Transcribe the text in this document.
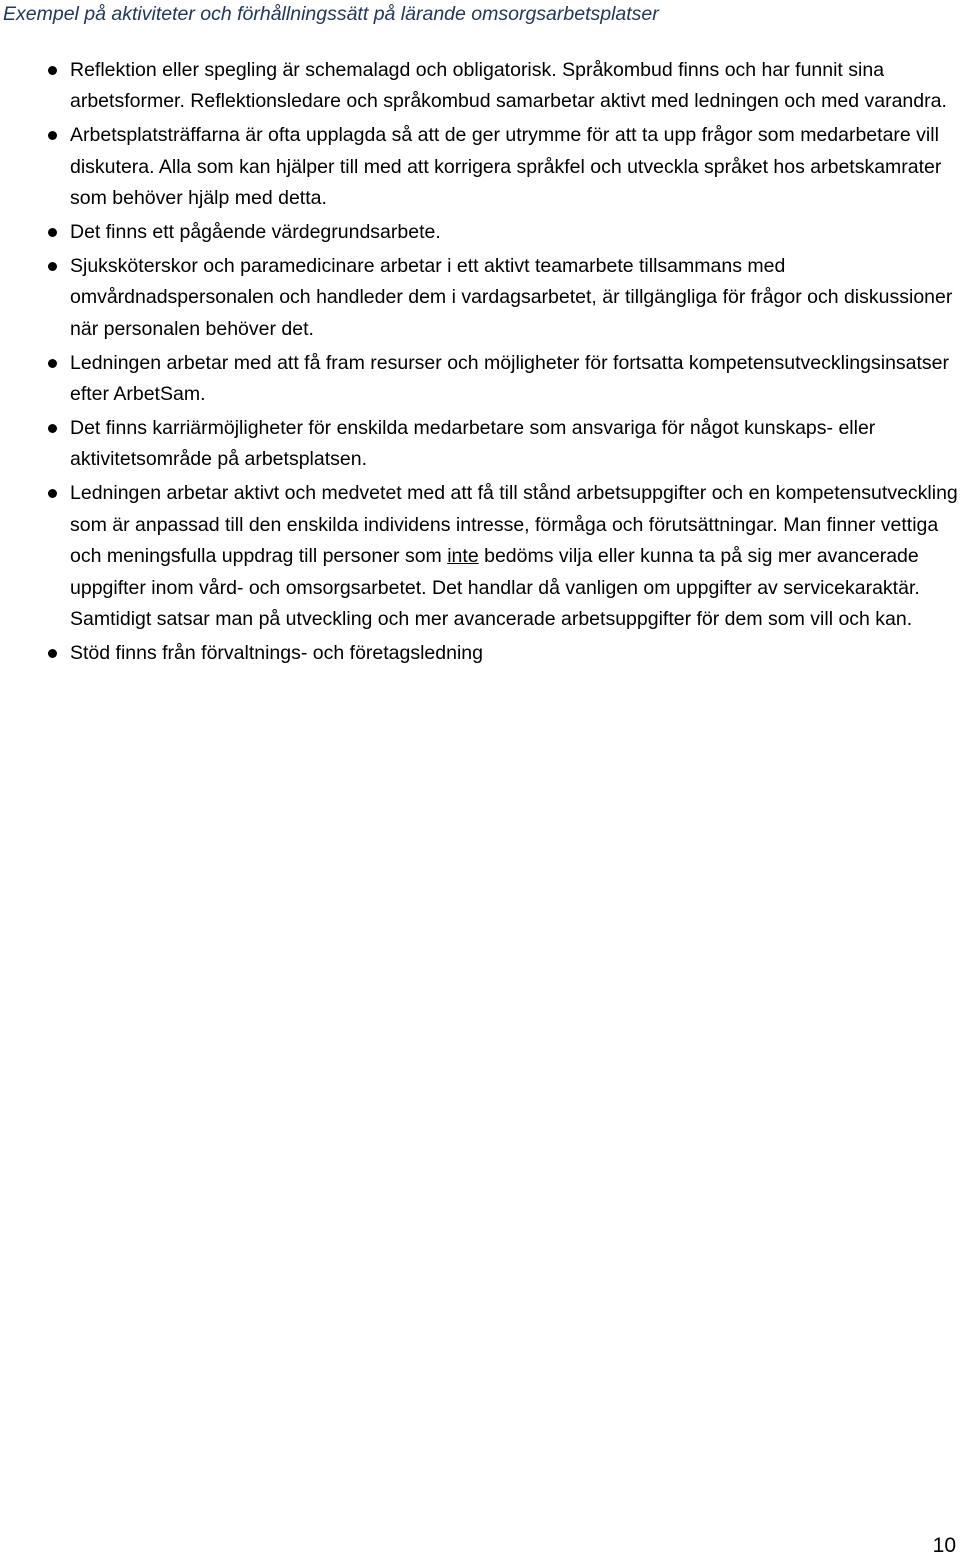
Exempel på aktiviteter och förhållningssätt på lärande omsorgsarbetsplatser
Reflektion eller spegling är schemalagd och obligatorisk. Språkombud finns och har funnit sina arbetsformer. Reflektionsledare och språkombud samarbetar aktivt med ledningen och med varandra.
Arbetsplatsträffarna är ofta upplagda så att de ger utrymme för att ta upp frågor som medarbetare vill diskutera. Alla som kan hjälper till med att korrigera språkfel och utveckla språket hos arbetskamrater som behöver hjälp med detta.
Det finns ett pågående värdegrundsarbete.
Sjuksköterskor och paramedicinare arbetar i ett aktivt teamarbete tillsammans med omvårdnadspersonalen och handleder dem i vardagsarbetet, är tillgängliga för frågor och diskussioner när personalen behöver det.
Ledningen arbetar med att få fram resurser och möjligheter för fortsatta kompetensutvecklingsinsatser efter ArbetSam.
Det finns karriärmöjligheter för enskilda medarbetare som ansvariga för något kunskaps- eller aktivitetsområde på arbetsplatsen.
Ledningen arbetar aktivt och medvetet med att få till stånd arbetsuppgifter och en kompetensutveckling som är anpassad till den enskilda individens intresse, förmåga och förutsättningar. Man finner vettiga och meningsfulla uppdrag till personer som inte bedöms vilja eller kunna ta på sig mer avancerade uppgifter inom vård- och omsorgsarbetet. Det handlar då vanligen om uppgifter av servicekaraktär. Samtidigt satsar man på utveckling och mer avancerade arbetsuppgifter för dem som vill och kan.
Stöd finns från förvaltnings- och företagsledning
10
